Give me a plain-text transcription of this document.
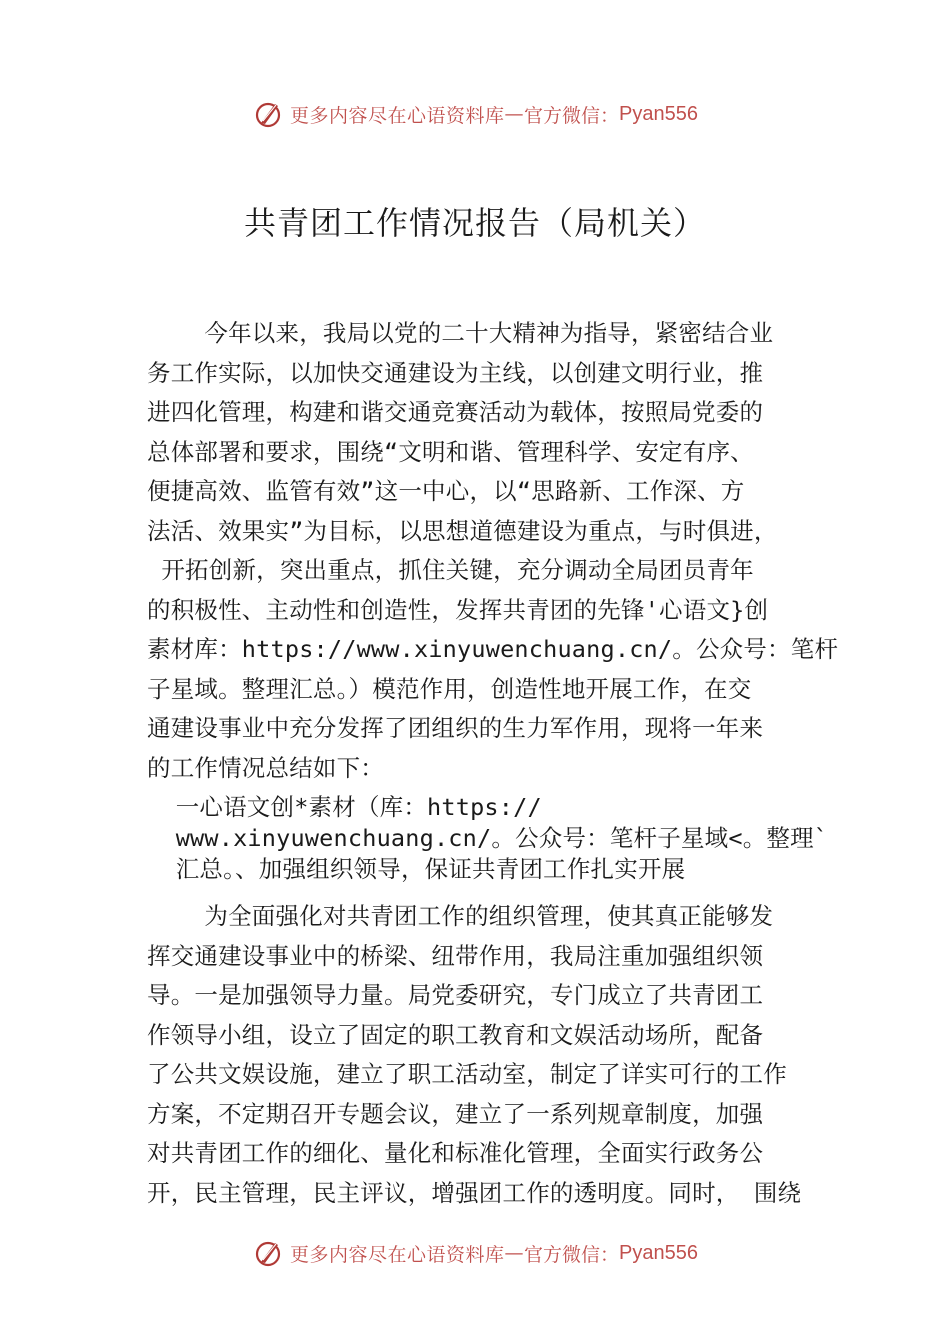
更多内容尽在心语资料库 — 官方微信： Pyan556
共青团工作情况报告（局机关）
今年以来，我局以党的二十大精神为指导，紧密结合业
务工作实际，以加快交通建设为主线，以创建文明行业，推
进四化管理，构建和谐交通竞赛活动为载体，按照局党委的
总体部署和要求，围绕“文明和谐、管理科学、安定有序、
便捷高效、监管有效”这一中心，以“思路新、工作深、方
法活、效果实”为目标，以思想道德建设为重点，与时俱进，
开拓创新，突出重点，抓住关键，充分调动全局团员青年
的积极性、主动性和创造性，发挥共青团的先锋'心语文}创
素材库：https://www.xinyuwenchuang.cn/。公众号：笔杆
子星域。整理汇总。）模范作用，创造性地开展工作，在交
通建设事业中充分发挥了团组织的生力军作用，现将一年来
的工作情况总结如下：
一心语文创*素材（库：https://
www.xinyuwenchuang.cn/。公众号：笔杆子星域<。整理`
汇总。、加强组织领导，保证共青团工作扎实开展
为全面强化对共青团工作的组织管理，使其真正能够发
挥交通建设事业中的桥梁、纽带作用，我局注重加强组织领
导。一是加强领导力量。局党委研究，专门成立了共青团工
作领导小组，设立了固定的职工教育和文娱活动场所，配备
了公共文娱设施，建立了职工活动室，制定了详实可行的工作
方案，不定期召开专题会议，建立了一系列规章制度，加强
对共青团工作的细化、量化和标准化管理，全面实行政务公
开，民主管理，民主评议，增强团工作的透明度。同时， 围绕
更多内容尽在心语资料库 — 官方微信： Pyan556
